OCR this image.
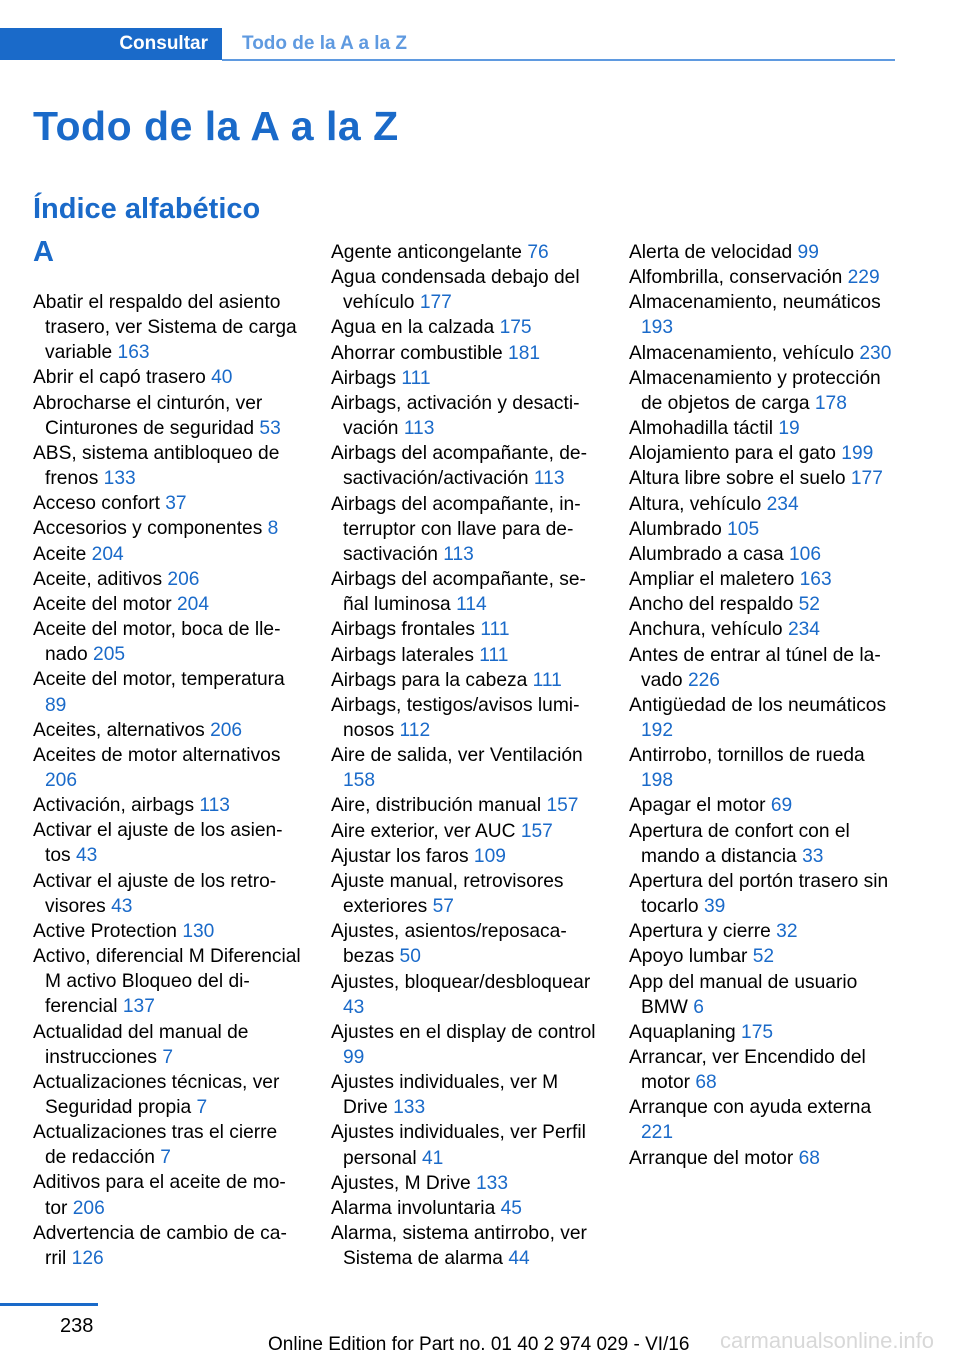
Consultar	Todo de la A a la Z
Todo de la A a la Z
Índice alfabético
A

Abatir el respaldo del asiento trasero, ver Sistema de carga variable 163

Abrir el capó trasero 40

Abrocharse el cinturón, ver Cinturones de seguridad 53

ABS, sistema antibloqueo de frenos 133

Acceso confort 37

Accesorios y componentes 8

Aceite 204

Aceite, aditivos 206

Aceite del motor 204

Aceite del motor, boca de llenado 205

Aceite del motor, temperatura 89

Aceites, alternativos 206

Aceites de motor alternativos 206

Activación, airbags 113

Activar el ajuste de los asientos 43

Activar el ajuste de los retrovisores 43

Active Protection 130

Activo, diferencial M Diferencial M activo Bloqueo del diferencial 137

Actualidad del manual de instrucciones 7

Actualizaciones técnicas, ver Seguridad propia 7

Actualizaciones tras el cierre de redacción 7

Aditivos para el aceite de motor 206

Advertencia de cambio de carril 126

Agente anticongelante 76

Agua condensada debajo del vehículo 177

Agua en la calzada 175

Ahorrar combustible 181

Airbags 111

Airbags, activación y desactivación 113

Airbags del acompañante, desactivación/activación 113

Airbags del acompañante, interruptor con llave para desactivación 113

Airbags del acompañante, señal luminosa 114

Airbags frontales 111

Airbags laterales 111

Airbags para la cabeza 111

Airbags, testigos/avisos luminosos 112

Aire de salida, ver Ventilación 158

Aire, distribución manual 157

Aire exterior, ver AUC 157

Ajustar los faros 109

Ajuste manual, retrovisores exteriores 57

Ajustes, asientos/reposacabezas 50

Ajustes, bloquear/desbloquear 43

Ajustes en el display de control 99

Ajustes individuales, ver M Drive 133

Ajustes individuales, ver Perfil personal 41

Ajustes, M Drive 133

Alarma involuntaria 45

Alarma, sistema antirrobo, ver Sistema de alarma 44

Alerta de velocidad 99

Alfombrilla, conservación 229

Almacenamiento, neumáticos 193

Almacenamiento, vehículo 230

Almacenamiento y protección de objetos de carga 178

Almohadilla táctil 19

Alojamiento para el gato 199

Altura libre sobre el suelo 177

Altura, vehículo 234

Alumbrado 105

Alumbrado a casa 106

Ampliar el maletero 163

Ancho del respaldo 52

Anchura, vehículo 234

Antes de entrar al túnel de lavado 226

Antigüedad de los neumáticos 192

Antirrobo, tornillos de rueda 198

Apagar el motor 69

Apertura de confort con el mando a distancia 33

Apertura del portón trasero sin tocarlo 39

Apertura y cierre 32

Apoyo lumbar 52

App del manual de usuario BMW 6

Aquaplaning 175

Arrancar, ver Encendido del motor 68

Arranque con ayuda externa 221

Arranque del motor 68

238
Online Edition for Part no. 01 40 2 974 029 - VI/16 carmanualsonline.info
